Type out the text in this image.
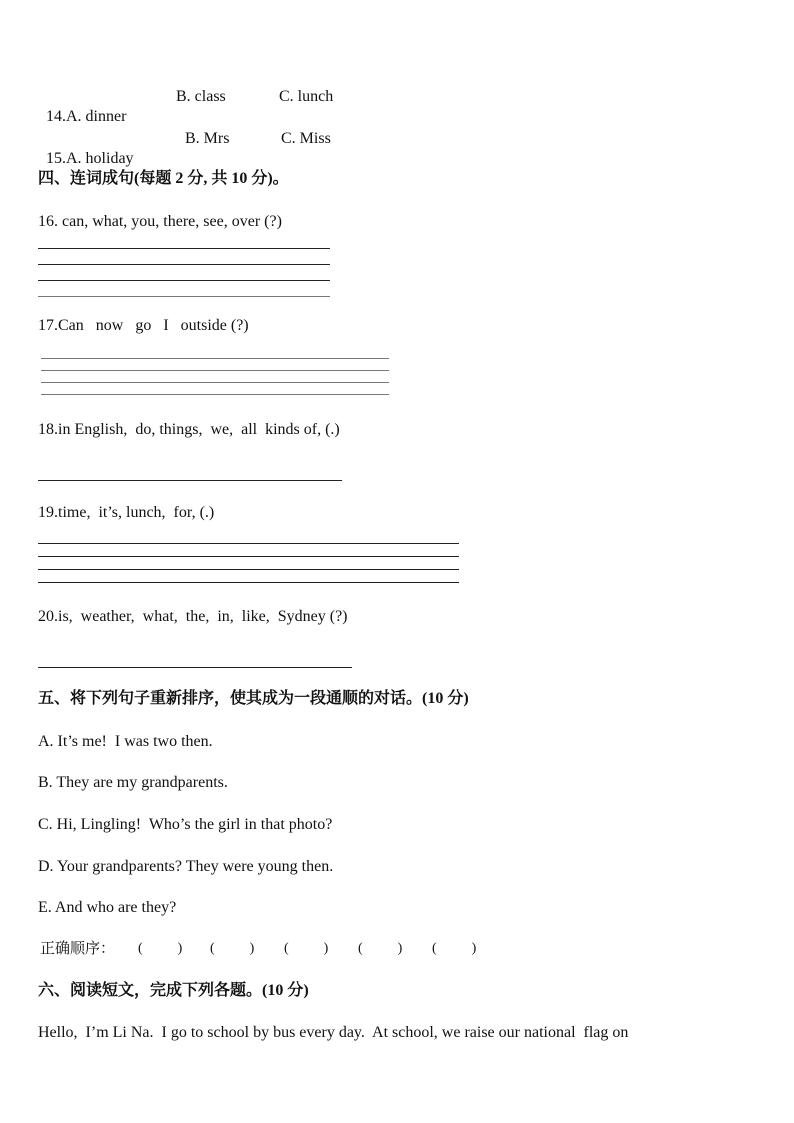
14.A. dinner

B. class	C. lunch

15.A. holiday

B. Mrs	C. Miss
四、连词成句(每题 2 分, 共 10 分)。
16. can, what, you, there, see, over (?)
17.Can   now   go   I   outside (?)
18.in English,  do, things,  we,  all  kinds of, (.)
19.time,  it’s, lunch,  for, (.)
20.is,  weather,  what,  the,  in,  like,  Sydney (?)
五、将下列句子重新排序，使其成为一段通顺的对话。(10 分)
A. It’s me!  I was two then.
B. They are my grandparents.
C. Hi, Lingling!  Who’s the girl in that photo?
D. Your grandparents? They were young then.
E. And who are they?
正确顺序： (          ) (          ) (          ) (          ) (          )
六、阅读短文，完成下列各题。(10 分)
Hello,  I’m Li Na.  I go to school by bus every day.  At school, we raise our national  flag on
